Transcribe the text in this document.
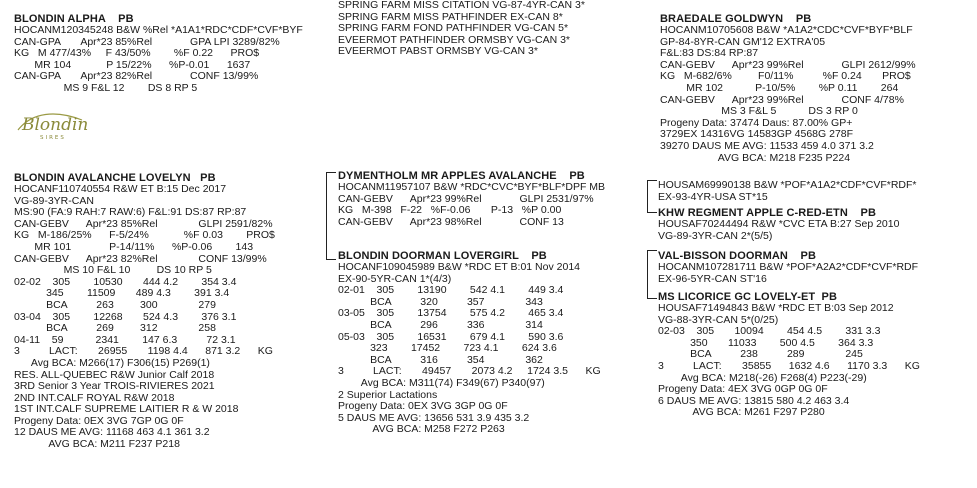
BLONDIN ALPHA    PB
HOCANM120345248 B&W %Rel *A1A1*RDC*CDF*CVF*BYF
CAN-GPA       Apr*23 85%Rel             GPA LPI 3289/82%
KG   M 477/43%     F 43/50%        %F 0.22      PRO$
MR 104            P 15/22%      %P-0.01      1637
CAN-GPA       Apr*23 82%Rel             CONF 13/99%
MS 9 F&L 12        DS 8 RP 5
Blondin
SIRES
BLONDIN AVALANCHE LOVELYN   PB
HOCANF110740554 R&W ET B:15 Dec 2017
VG-89-3YR-CAN
MS:90 (FA:9 RAH:7 RAW:6) F&L:91 DS:87 RP:87
CAN-GEBV      Apr*23 85%Rel              GLPI 2591/82%
KG   M-186/25%      F-5/24%            %F 0.03        PRO$
MR 101             P-14/11%      %P-0.06        143
CAN-GEBV      Apr*23 82%Rel              CONF 13/99%
MS 10 F&L 10         DS 10 RP 5
02-02    305        10530       444 4.2        354 3.4
345        11509       489 4.3        391 3.4
BCA          263         300              279
03-04    305        12268       524 4.3        376 3.1
BCA          269         312              258
04-11    59           2341        147 6.3          72 3.1
3          LACT:       26955       1198 4.4      871 3.2      KG
Avg BCA: M266(17) F306(15) P269(1)
RES. ALL-QUEBEC R&W Junior Calf 2018
3RD Senior 3 Year TROIS-RIVIERES 2021
2ND INT.CALF ROYAL R&W 2018
1ST INT.CALF SUPREME LAITIER R & W 2018
Progeny Data: 0EX 3VG 7GP 0G 0F
12 DAUS ME AVG: 11168 463 4.1 361 3.2
AVG BCA: M211 F237 P218
SPRING FARM MISS CITATION VG-87-4YR-CAN 3*
SPRING FARM MISS PATHFINDER EX-CAN 8*
SPRING FARM FOND PATHFINDER VG-CAN 5*
EVEERMOT PATHFINDER ORMSBY VG-CAN 3*
EVEERMOT PABST ORMSBY VG-CAN 3*
DYMENTHOLM MR APPLES AVALANCHE    PB
HOCANM11957107 B&W *RDC*CVC*BYF*BLF*DPF MB
CAN-GEBV      Apr*23 99%Rel             GLPI 2531/97%
KG   M-398   F-22   %F-0.06       P-13   %P 0.00
CAN-GEBV      Apr*23 98%Rel             CONF 13
BLONDIN DOORMAN LOVERGIRL    PB
HOCANF109045989 B&W *RDC ET B:01 Nov 2014
EX-90-5YR-CAN 1*(4/3)
02-01    305        13190        542 4.1        449 3.4
BCA          320          357              343
03-05    305        13754        575 4.2        465 3.4
BCA          296          336              314
05-03    305        16531        679 4.1        590 3.6
323        17452        723 4.1        624 3.6
BCA          316          354              362
3          LACT:       49457       2073 4.2     1724 3.5      KG
Avg BCA: M311(74) F349(67) P340(97)
2 Superior Lactations
Progeny Data: 0EX 3VG 3GP 0G 0F
5 DAUS ME AVG: 13656 531 3.9 435 3.2
AVG BCA: M258 F272 P263
BRAEDALE GOLDWYN    PB
HOCANM10705608 B&W *A1A2*CDC*CVF*BYF*BLF
GP-84-8YR-CAN GM'12 EXTRA'05
F&L:83 DS:84 RP:87
CAN-GEBV      Apr*23 99%Rel             GLPI 2612/99%
KG   M-682/6%         F0/11%          %F 0.24       PRO$
MR 102           P-10/5%        %P 0.11        264
CAN-GEBV      Apr*23 99%Rel             CONF 4/78%
MS 3 F&L 5           DS 3 RP 0
Progeny Data: 37474 Daus: 87.00% GP+
3729EX 14316VG 14583GP 4568G 278F
39270 DAUS ME AVG: 11533 459 4.0 371 3.2
AVG BCA: M218 F235 P224
HOUSAM69990138 B&W *POF*A1A2*CDF*CVF*RDF*
EX-93-4YR-USA ST*15
KHW REGMENT APPLE C-RED-ETN    PB
HOUSAF70244494 R&W *CVC ETA B:27 Sep 2010
VG-89-3YR-CAN 2*(5/5)
VAL-BISSON DOORMAN    PB
HOCANM107281711 B&W *POF*A2A2*CDF*CVF*RDF
EX-96-5YR-CAN ST'16
MS LICORICE GC LOVELY-ET  PB
HOUSAF71494843 B&W *RDC ET B:03 Sep 2012
VG-88-3YR-CAN 5*(0/25)
02-03    305       10094        454 4.5        331 3.3
350       11033        500 4.5        364 3.3
BCA          238          289              245
3          LACT:       35855      1632 4.6      1170 3.3      KG
Avg BCA: M218(-26) F268(4) P223(-29)
Progeny Data: 4EX 3VG 0GP 0G 0F
6 DAUS ME AVG: 13815 580 4.2 463 3.4
AVG BCA: M261 F297 P280
